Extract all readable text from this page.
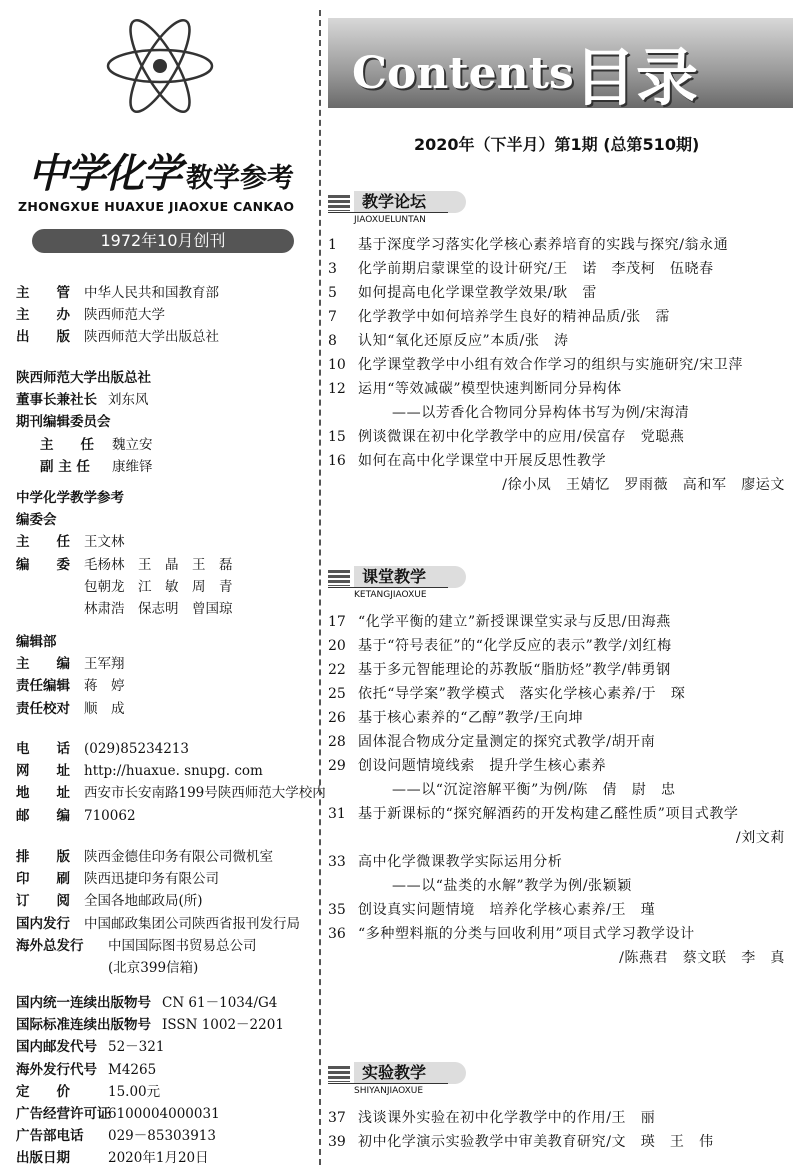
中学化学 教学参考
ZHONGXUE HUAXUE JIAOXUE CANKAO
1972年10月创刊
主　　管 中华人民共和国教育部
主　　办 陕西师范大学
出　　版 陕西师范大学出版总社
陕西师范大学出版总社
董事长兼社长 刘东风
期刊编辑委员会
主　　任 魏立安
副 主 任 康维铎
中学化学教学参考
编委会
主　　任 王文林
编　　委 毛杨林　王　晶　王　磊
包朝龙　江　敏　周　青
林肃浩　保志明　曾国琼
编辑部
主　　编 王军翔
责任编辑 蒋　婷
责任校对 顺　成
电　　话 (029)85234213
网　　址 http://huaxue. snupg. com
地　　址 西安市长安南路199号陕西师范大学校内
邮　　编 710062
排　　版 陕西金德佳印务有限公司微机室
印　　刷 陕西迅捷印务有限公司
订　　阅 全国各地邮政局(所)
国内发行 中国邮政集团公司陕西省报刊发行局
海外总发行 中国国际图书贸易总公司
(北京399信箱)
国内统一连续出版物号 CN 61－1034/G4
国际标准连续出版物号 ISSN 1002－2201
国内邮发代号 52－321
海外发行代号 M4265
定　　价	15.00元
广告经营许可证6100004000031
广告部电话 029－85303913
出版日期	2020年1月20日
Contents 目录
2020年（下半月）第1期 (总第510期)
教学论坛
JIAOXUELUNTAN
1 基于深度学习落实化学核心素养培育的实践与探究/翁永通
3 化学前期启蒙课堂的设计研究/王　诺　李茂柯　伍晓春
5 如何提高电化学课堂教学效果/耿　雷
7 化学教学中如何培养学生良好的精神品质/张　霈
8 认知“氧化还原反应”本质/张　涛
10 化学课堂教学中小组有效合作学习的组织与实施研究/宋卫萍
12 运用“等效减碳”模型快速判断同分异构体
——以芳香化合物同分异构体书写为例/宋海清
15 例谈微课在初中化学教学中的应用/侯富存　党聪燕
16 如何在高中化学课堂中开展反思性教学
/徐小凤　王婧忆　罗雨薇　高和军　廖运文
课堂教学
KETANGJIAOXUE
17 “化学平衡的建立”新授课课堂实录与反思/田海燕
20 基于“符号表征”的“化学反应的表示”教学/刘红梅
22 基于多元智能理论的苏教版“脂肪烃”教学/韩勇钢
25 依托“导学案”教学模式　落实化学核心素养/于　琛
26 基于核心素养的“乙醇”教学/王向坤
28 固体混合物成分定量测定的探究式教学/胡开南
29 创设问题情境线索　提升学生核心素养
——以“沉淀溶解平衡”为例/陈　倩　尉　忠
31 基于新课标的“探究解酒药的开发构建乙醛性质”项目式教学
/刘文莉
33 高中化学微课教学实际运用分析
——以“盐类的水解”教学为例/张颖颖
35 创设真实问题情境　培养化学核心素养/王　瑾
36 “多种塑料瓶的分类与回收利用”项目式学习教学设计
/陈燕君　蔡文联　李　真
实验教学
SHIYANJIAOXUE
37 浅谈课外实验在初中化学教学中的作用/王　丽
39 初中化学演示实验教学中审美教育研究/文　瑛　王　伟
